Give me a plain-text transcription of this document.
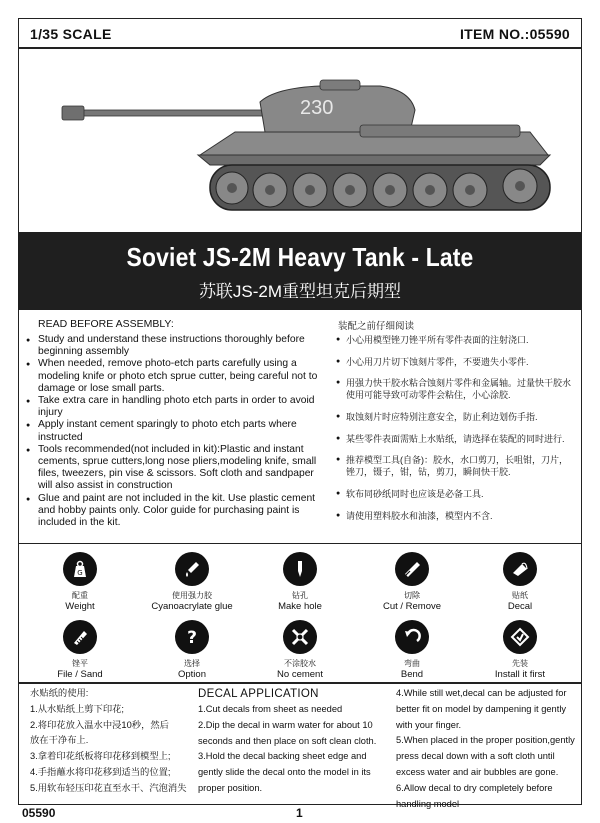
1/35 SCALE	ITEM NO.:05590
230
Soviet JS-2M Heavy Tank - Late
苏联JS-2M重型坦克后期型
READ BEFORE ASSEMBLY:	装配之前仔细阅读
● Study and understand these instructions thoroughly before beginning assembly
● When needed, remove photo-etch parts carefully using a modeling knife or photo etch sprue cutter, being careful not to damage or lose small parts.
● Take extra care in handling photo etch parts in order to avoid injury
● Apply instant cement sparingly to photo etch parts where instructed
● Tools recommended(not included in kit):Plastic and instant cements, sprue cutters,long nose pliers,modeling knife, small files, tweezers, pin vise & scissors. Soft cloth and sandpaper will also assist in construction
● Glue and paint are not included in the kit. Use plastic cement and hobby paints only. Color guide for purchasing paint is included in the kit.
● 小心用模型锉刀锉平所有零件表面的注射浇口.
● 小心用刀片切下蚀刻片零件，不要遗失小零件.
● 用强力快干胶水粘合蚀刻片零件和金属轴。过量快干胶水使用可能导致可动零件会粘住，小心涂胶.
● 取蚀刻片时应特别注意安全，防止利边划伤手指.
● 某些零件表面需贴上水贴纸，请选择在装配的同时进行.
● 推荐模型工具(自备)：胶水，水口剪刀，长咀钳，刀片，锉刀，镊子，钳，钻，剪刀，瞬间快干胶.
● 软布同砂纸同时也应该是必备工具.
● 请使用塑料胶水和油漆，模型内不含.
G
配重
Weight
使用强力胶
Cyanoacrylate glue
钻孔
Make hole
切除
Cut / Remove
贴纸
Decal
锉平
File / Sand
?
选择
Option
不涂胶水
No cement
弯曲
Bend
先装
Install it first
水贴纸的使用:
1.从水贴纸上剪下印花;
2.将印花放入温水中浸10秒，然后
放在干净布上.
3.拿着印花纸板将印花移到模型上;
4.手指蘸水将印花移到适当的位置;
5.用软布轻压印花直至水干、汽泡消失
DECAL APPLICATION
1.Cut decals from sheet as needed
2.Dip the decal in warm water for about 10 seconds and then place on soft clean cloth.
3.Hold the decal backing sheet edge and gently slide the decal onto the model in its proper position.
4.While still wet,decal can be adjusted for better fit on model by dampening it gently with your finger.
5.When placed in the proper position,gently press decal down with a soft cloth until excess water and air bubbles are gone.
6.Allow decal to dry completely before handling model
05590	1
